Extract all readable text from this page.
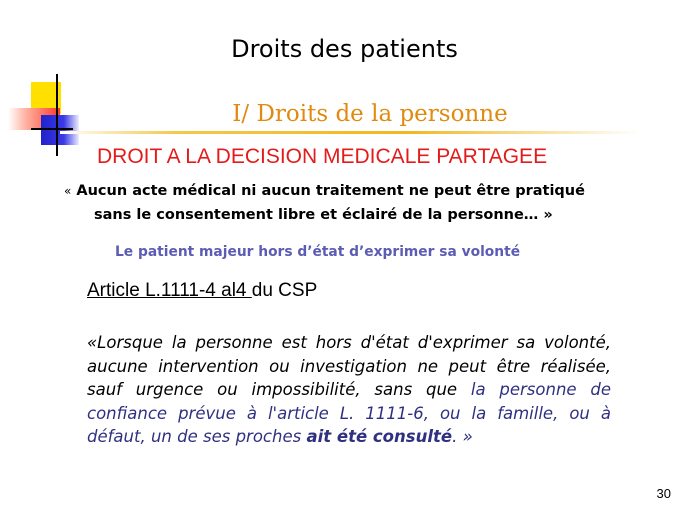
Droits des patients
I/ Droits de la personne
DROIT A LA DECISION MEDICALE PARTAGEE
« Aucun acte médical ni aucun traitement ne peut être pratiqué
sans le consentement libre et éclairé de la personne… »
Le patient majeur hors d’état d’exprimer sa volonté
Article L.1111-4 al4 du CSP
«Lorsque la personne est hors d'état d'exprimer sa volonté, aucune intervention ou investigation ne peut être réalisée, sauf urgence ou impossibilité, sans que la personne de confiance prévue à l'article L. 1111-6, ou la famille, ou à défaut, un de ses proches ait été consulté. »
30
